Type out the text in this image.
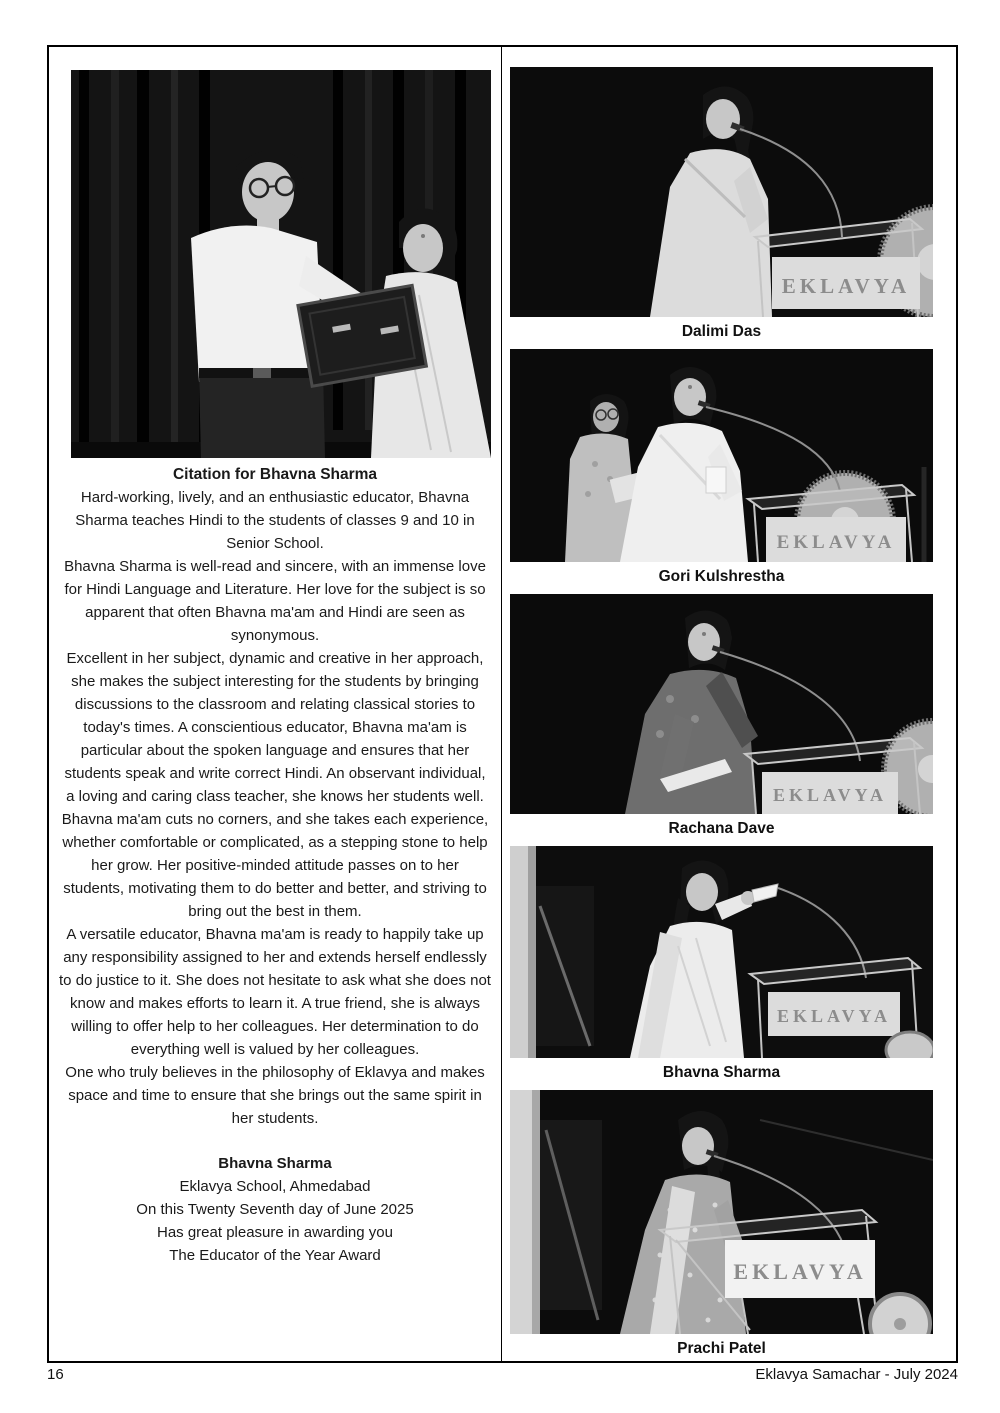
Citation for Bhavna Sharma

Hard-working, lively, and an enthusiastic educator, Bhavna Sharma teaches Hindi to the students of classes 9 and 10 in Senior School.

Bhavna Sharma is well-read and sincere, with an immense love for Hindi Language and Literature. Her love for the subject is so apparent that often Bhavna ma'am and Hindi are seen as synonymous.

Excellent in her subject, dynamic and creative in her approach, she makes the subject interesting for the students by bringing discussions to the classroom and relating classical stories to today's times. A conscientious educator, Bhavna ma'am is particular about the spoken language and ensures that her students speak and write correct Hindi. An observant individual, a loving and caring class teacher, she knows her students well.

Bhavna ma'am cuts no corners, and she takes each experience, whether comfortable or complicated, as a stepping stone to help her grow. Her positive-minded attitude passes on to her students, motivating them to do better and better, and striving to bring out the best in them.

A versatile educator, Bhavna ma'am is ready to happily take up any responsibility assigned to her and extends herself endlessly to do justice to it. She does not hesitate to ask what she does not know and makes efforts to learn it. A true friend, she is always willing to offer help to her colleagues. Her determination to do everything well is valued by her colleagues.

One who truly believes in the philosophy of Eklavya and makes space and time to ensure that she brings out the same spirit in her students.

Bhavna Sharma

Eklavya School, Ahmedabad

On this Twenty Seventh day of June 2025

Has great pleasure in awarding you

The Educator of the Year Award

EKLAVYA
Dalimi Das
EKLAVYA
Gori Kulshrestha
EKLAVYA
Rachana Dave
EKLAVYA
Bhavna Sharma
EKLAVYA
Prachi Patel
16	Eklavya Samachar - July 2024
